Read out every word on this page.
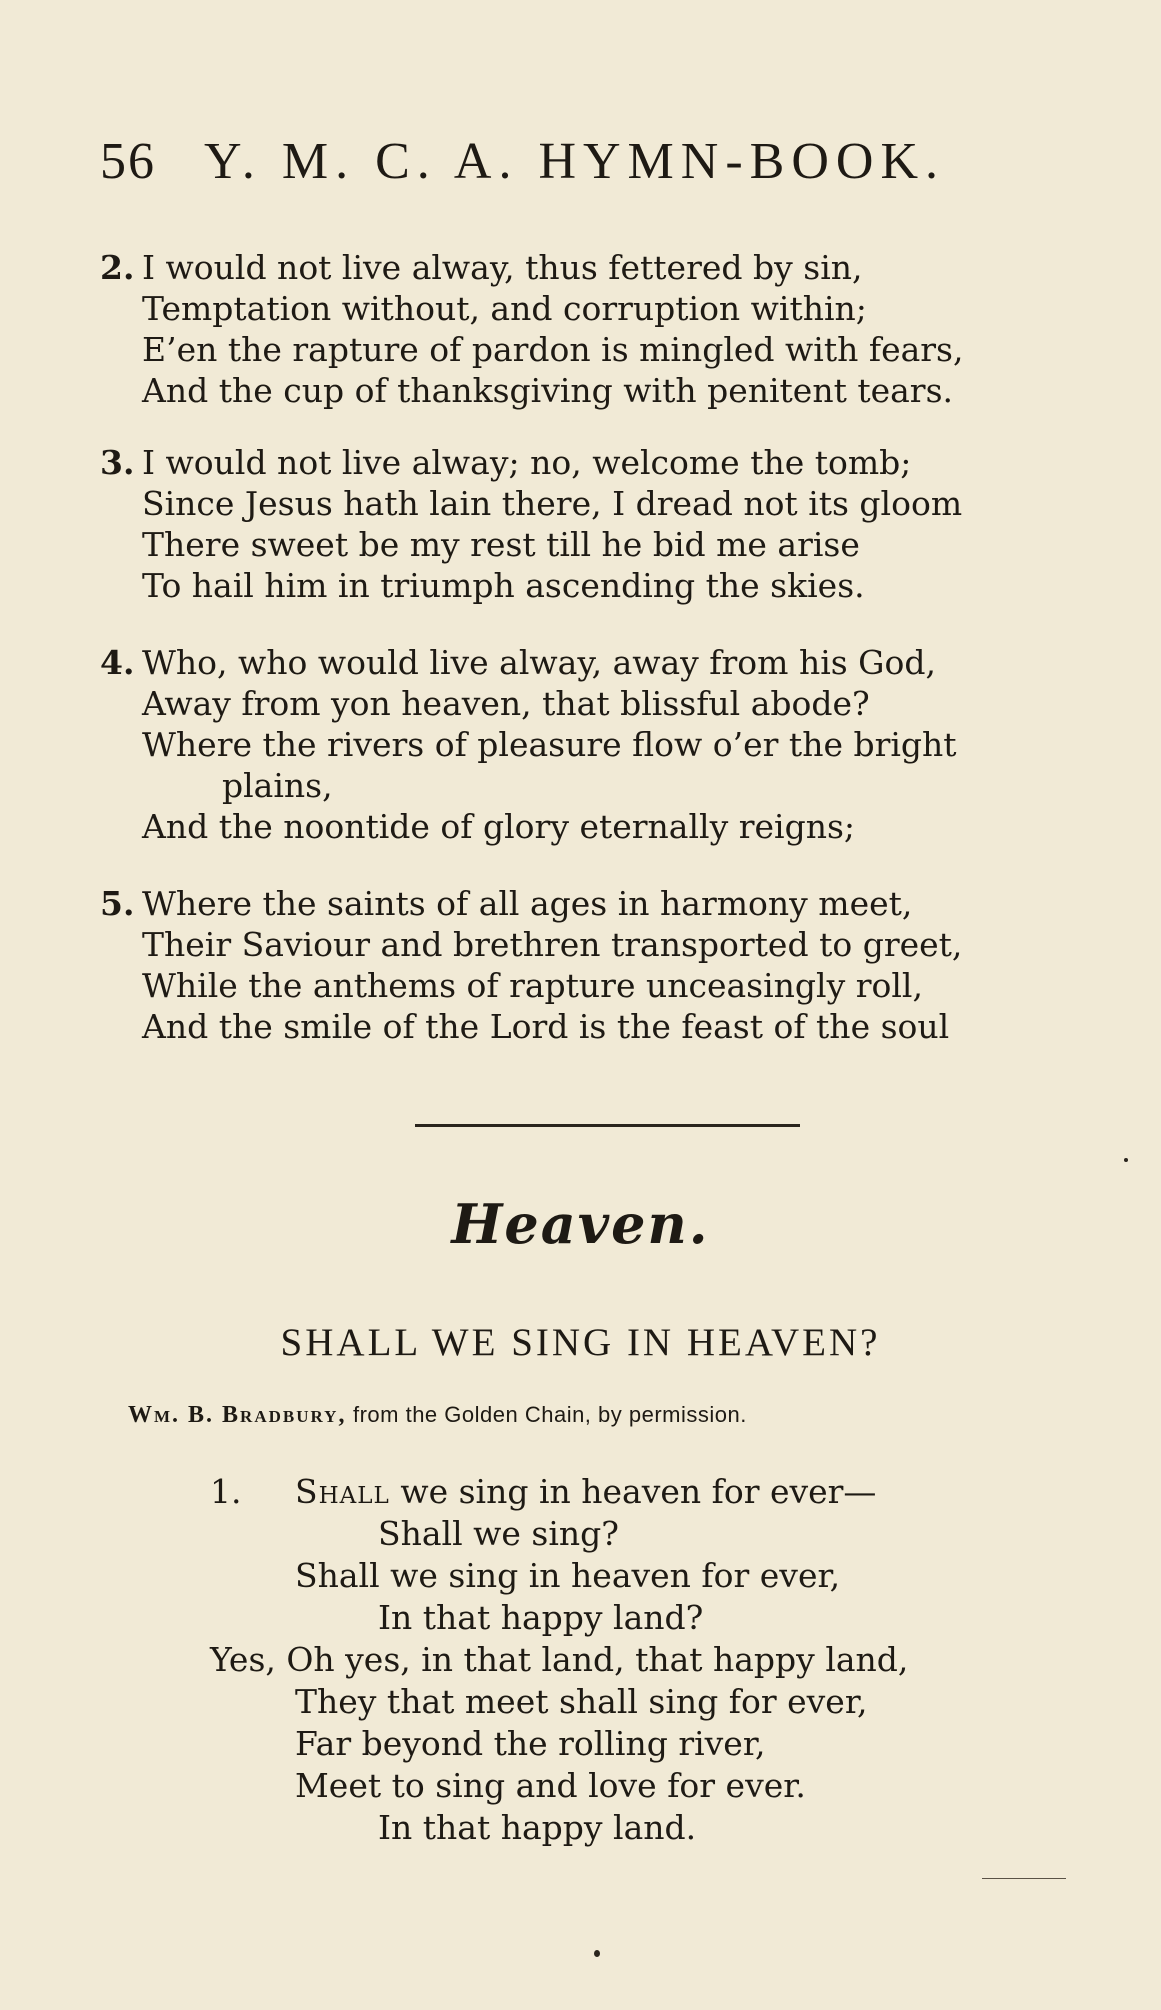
56 Y. M. C. A. HYMN-BOOK.
2. I would not live alway, thus fettered by sin,
Temptation without, and corruption within;
E’en the rapture of pardon is mingled with fears,
And the cup of thanksgiving with penitent tears.
3. I would not live alway; no, welcome the tomb;
Since Jesus hath lain there, I dread not its gloom
There sweet be my rest till he bid me arise
To hail him in triumph ascending the skies.
4. Who, who would live alway, away from his God,
Away from yon heaven, that blissful abode?
Where the rivers of pleasure flow o’er the bright
plains,
And the noontide of glory eternally reigns;
5. Where the saints of all ages in harmony meet,
Their Saviour and brethren transported to greet,
While the anthems of rapture unceasingly roll,
And the smile of the Lord is the feast of the soul
Heaven.
SHALL WE SING IN HEAVEN?
Wm. B. Bradbury, from the Golden Chain, by permission.
1. Shall we sing in heaven for ever—
Shall we sing?
Shall we sing in heaven for ever,
In that happy land?
Yes, Oh yes, in that land, that happy land,
They that meet shall sing for ever,
Far beyond the rolling river,
Meet to sing and love for ever.
In that happy land.
